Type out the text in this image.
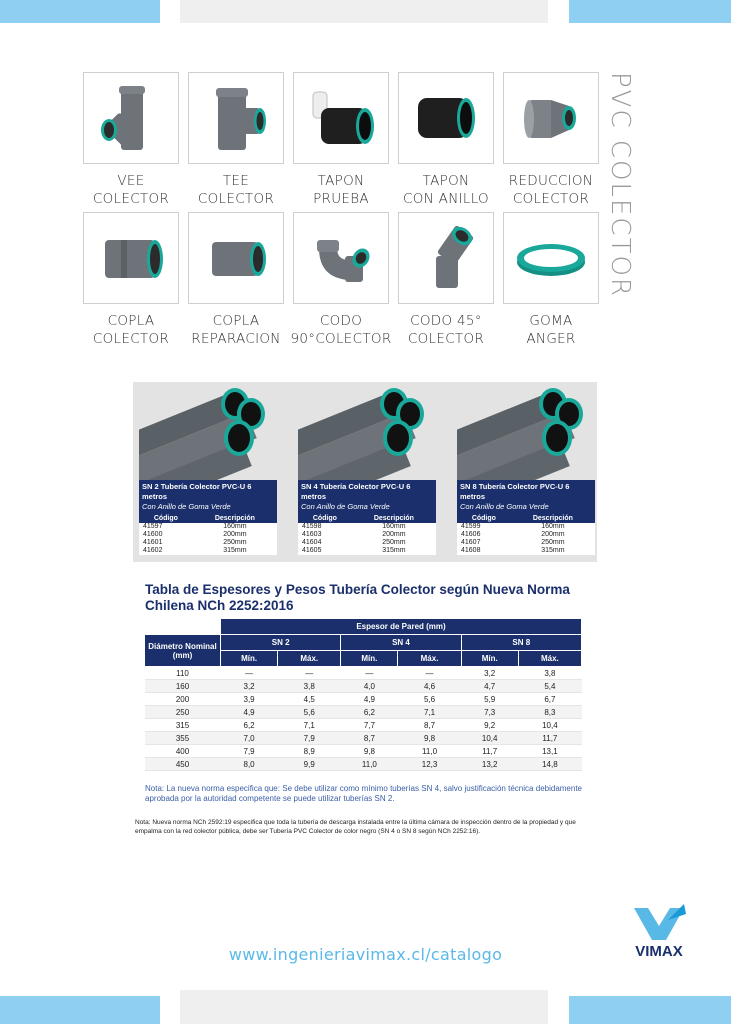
PVC COLECTOR
VEE
COLECTOR
TEE
COLECTOR
TAPON
PRUEBA
TAPON
CON ANILLO
REDUCCION
COLECTOR
COPLA
COLECTOR
COPLA
REPARACION
CODO
90°COLECTOR
CODO 45°
COLECTOR
GOMA
ANGER
SN 2 Tubería Colector PVC-U 6 metros
Con Anillo de Goma Verde
Código	Descripción
41597	160mm
41600	200mm
41601	250mm
41602	315mm
SN 4 Tubería Colector PVC-U 6 metros
Con Anillo de Goma Verde
Código	Descripción
41598	160mm
41603	200mm
41604	250mm
41605	315mm
SN 8 Tubería Colector PVC-U 6 metros
Con Anillo de Goma Verde
Código	Descripción
41599	160mm
41606	200mm
41607	250mm
41608	315mm
Tabla de Espesores y Pesos Tubería Colector según Nueva Norma Chilena NCh 2252:2016
	Espesor de Pared (mm)					
Diámetro Nominal (mm)	SN 2		SN 4		SN 8	
	Mín.	Máx.	Mín.	Máx.	Mín.	Máx.
110	—	—	—	—	3,2	3,8
160	3,2	3,8	4,0	4,6	4,7	5,4
200	3,9	4,5	4,9	5,6	5,9	6,7
250	4,9	5,6	6,2	7,1	7,3	8,3
315	6,2	7,1	7,7	8,7	9,2	10,4
355	7,0	7,9	8,7	9,8	10,4	11,7
400	7,9	8,9	9,8	11,0	11,7	13,1
450	8,0	9,9	11,0	12,3	13,2	14,8
Nota: La nueva norma especifica que: Se debe utilizar como mínimo tuberías SN 4, salvo justificación técnica debidamente aprobada por la autoridad competente se puede utilizar tuberías SN 2.
Nota: Nueva norma NCh 2592:19 especifica que toda la tubería de descarga instalada entre la última cámara de inspección dentro de la propiedad y que empalma con la red colector pública, debe ser Tubería PVC Colector de color negro (SN 4 o SN 8 según NCh 2252:16).
VIMAX
www.ingenieriavimax.cl/catalogo
